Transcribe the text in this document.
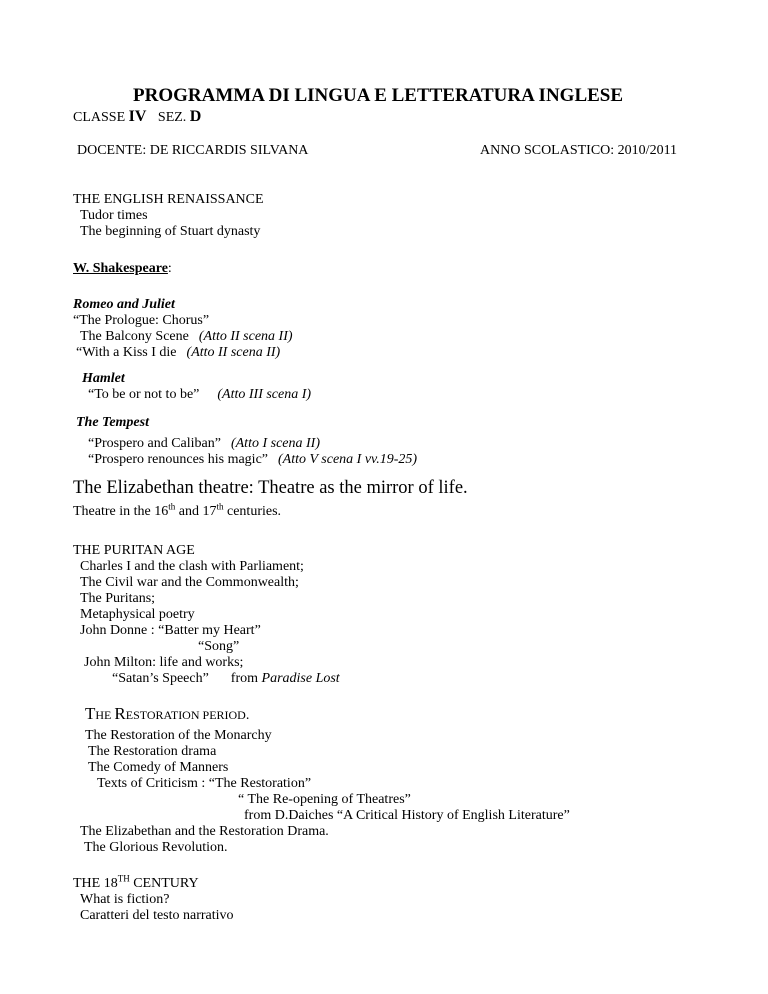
PROGRAMMA DI LINGUA E LETTERATURA INGLESE
CLASSE IV SEZ. D
DOCENTE: DE RICCARDIS SILVANA	ANNO SCOLASTICO: 2010/2011
THE ENGLISH RENAISSANCE
Tudor times
The beginning of Stuart dynasty
W. Shakespeare:
Romeo and Juliet
“The Prologue: Chorus”
The Balcony Scene (Atto II scena II)
“With a Kiss I die (Atto II scena II)
Hamlet
“To be or not to be” (Atto III scena I)
The Tempest
“Prospero and Caliban” (Atto I scena II)
“Prospero renounces his magic” (Atto V scena I vv.19-25)
The Elizabethan theatre: Theatre as the mirror of life.
Theatre in the 16th and 17th centuries.
THE PURITAN AGE
Charles I and the clash with Parliament;
The Civil war and the Commonwealth;
The Puritans;
Metaphysical poetry
John Donne : “Batter my Heart”
“Song”
John Milton: life and works;
“Satan’s Speech” from Paradise Lost
THE RESTORATION PERIOD.
The Restoration of the Monarchy
The Restoration drama
The Comedy of Manners
Texts of Criticism : “The Restoration”
“ The Re-opening of Theatres”
from D.Daiches “A Critical History of English Literature”
The Elizabethan and the Restoration Drama.
The Glorious Revolution.
THE 18TH CENTURY
What is fiction?
Caratteri del testo narrativo
